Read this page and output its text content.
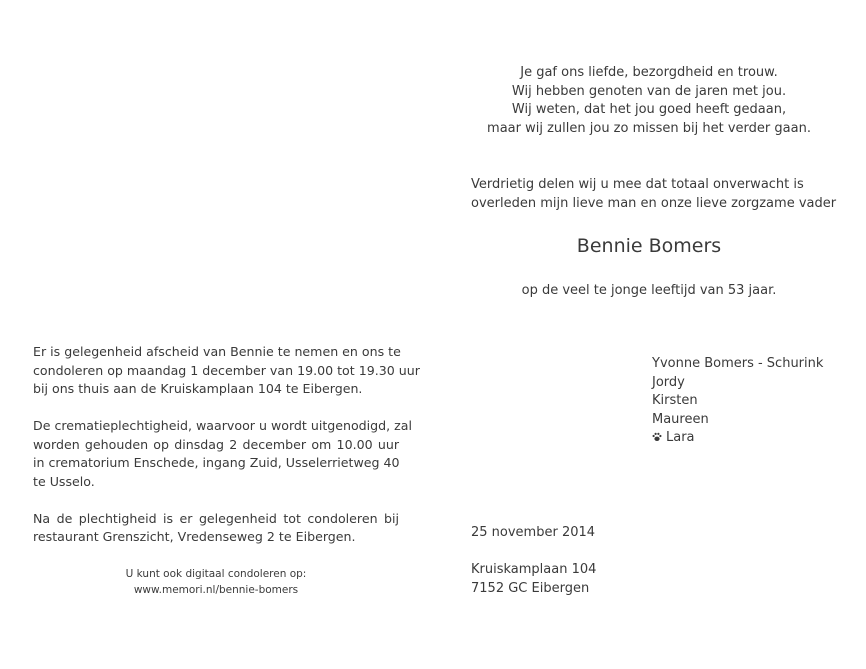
Je gaf ons liefde, bezorgdheid en trouw.
Wij hebben genoten van de jaren met jou.
Wij weten, dat het jou goed heeft gedaan,
maar wij zullen jou zo missen bij het verder gaan.
Verdrietig delen wij u mee dat totaal onverwacht is
overleden mijn lieve man en onze lieve zorgzame vader
Bennie Bomers
op de veel te jonge leeftijd van 53 jaar.
Yvonne Bomers - Schurink
Jordy
Kirsten
Maureen
Lara
25 november 2014
Kruiskamplaan 104
7152 GC Eibergen
Er is gelegenheid afscheid van Bennie te nemen en ons te
condoleren op maandag 1 december van 19.00 tot 19.30 uur
bij ons thuis aan de Kruiskamplaan 104 te Eibergen.
De crematieplechtigheid, waarvoor u wordt uitgenodigd, zal
worden gehouden op dinsdag 2 december om 10.00 uur
in crematorium Enschede, ingang Zuid, Usselerrietweg 40
te Usselo.
Na de plechtigheid is er gelegenheid tot condoleren bij
restaurant Grenszicht, Vredenseweg 2 te Eibergen.
U kunt ook digitaal condoleren op:
www.memori.nl/bennie-bomers
